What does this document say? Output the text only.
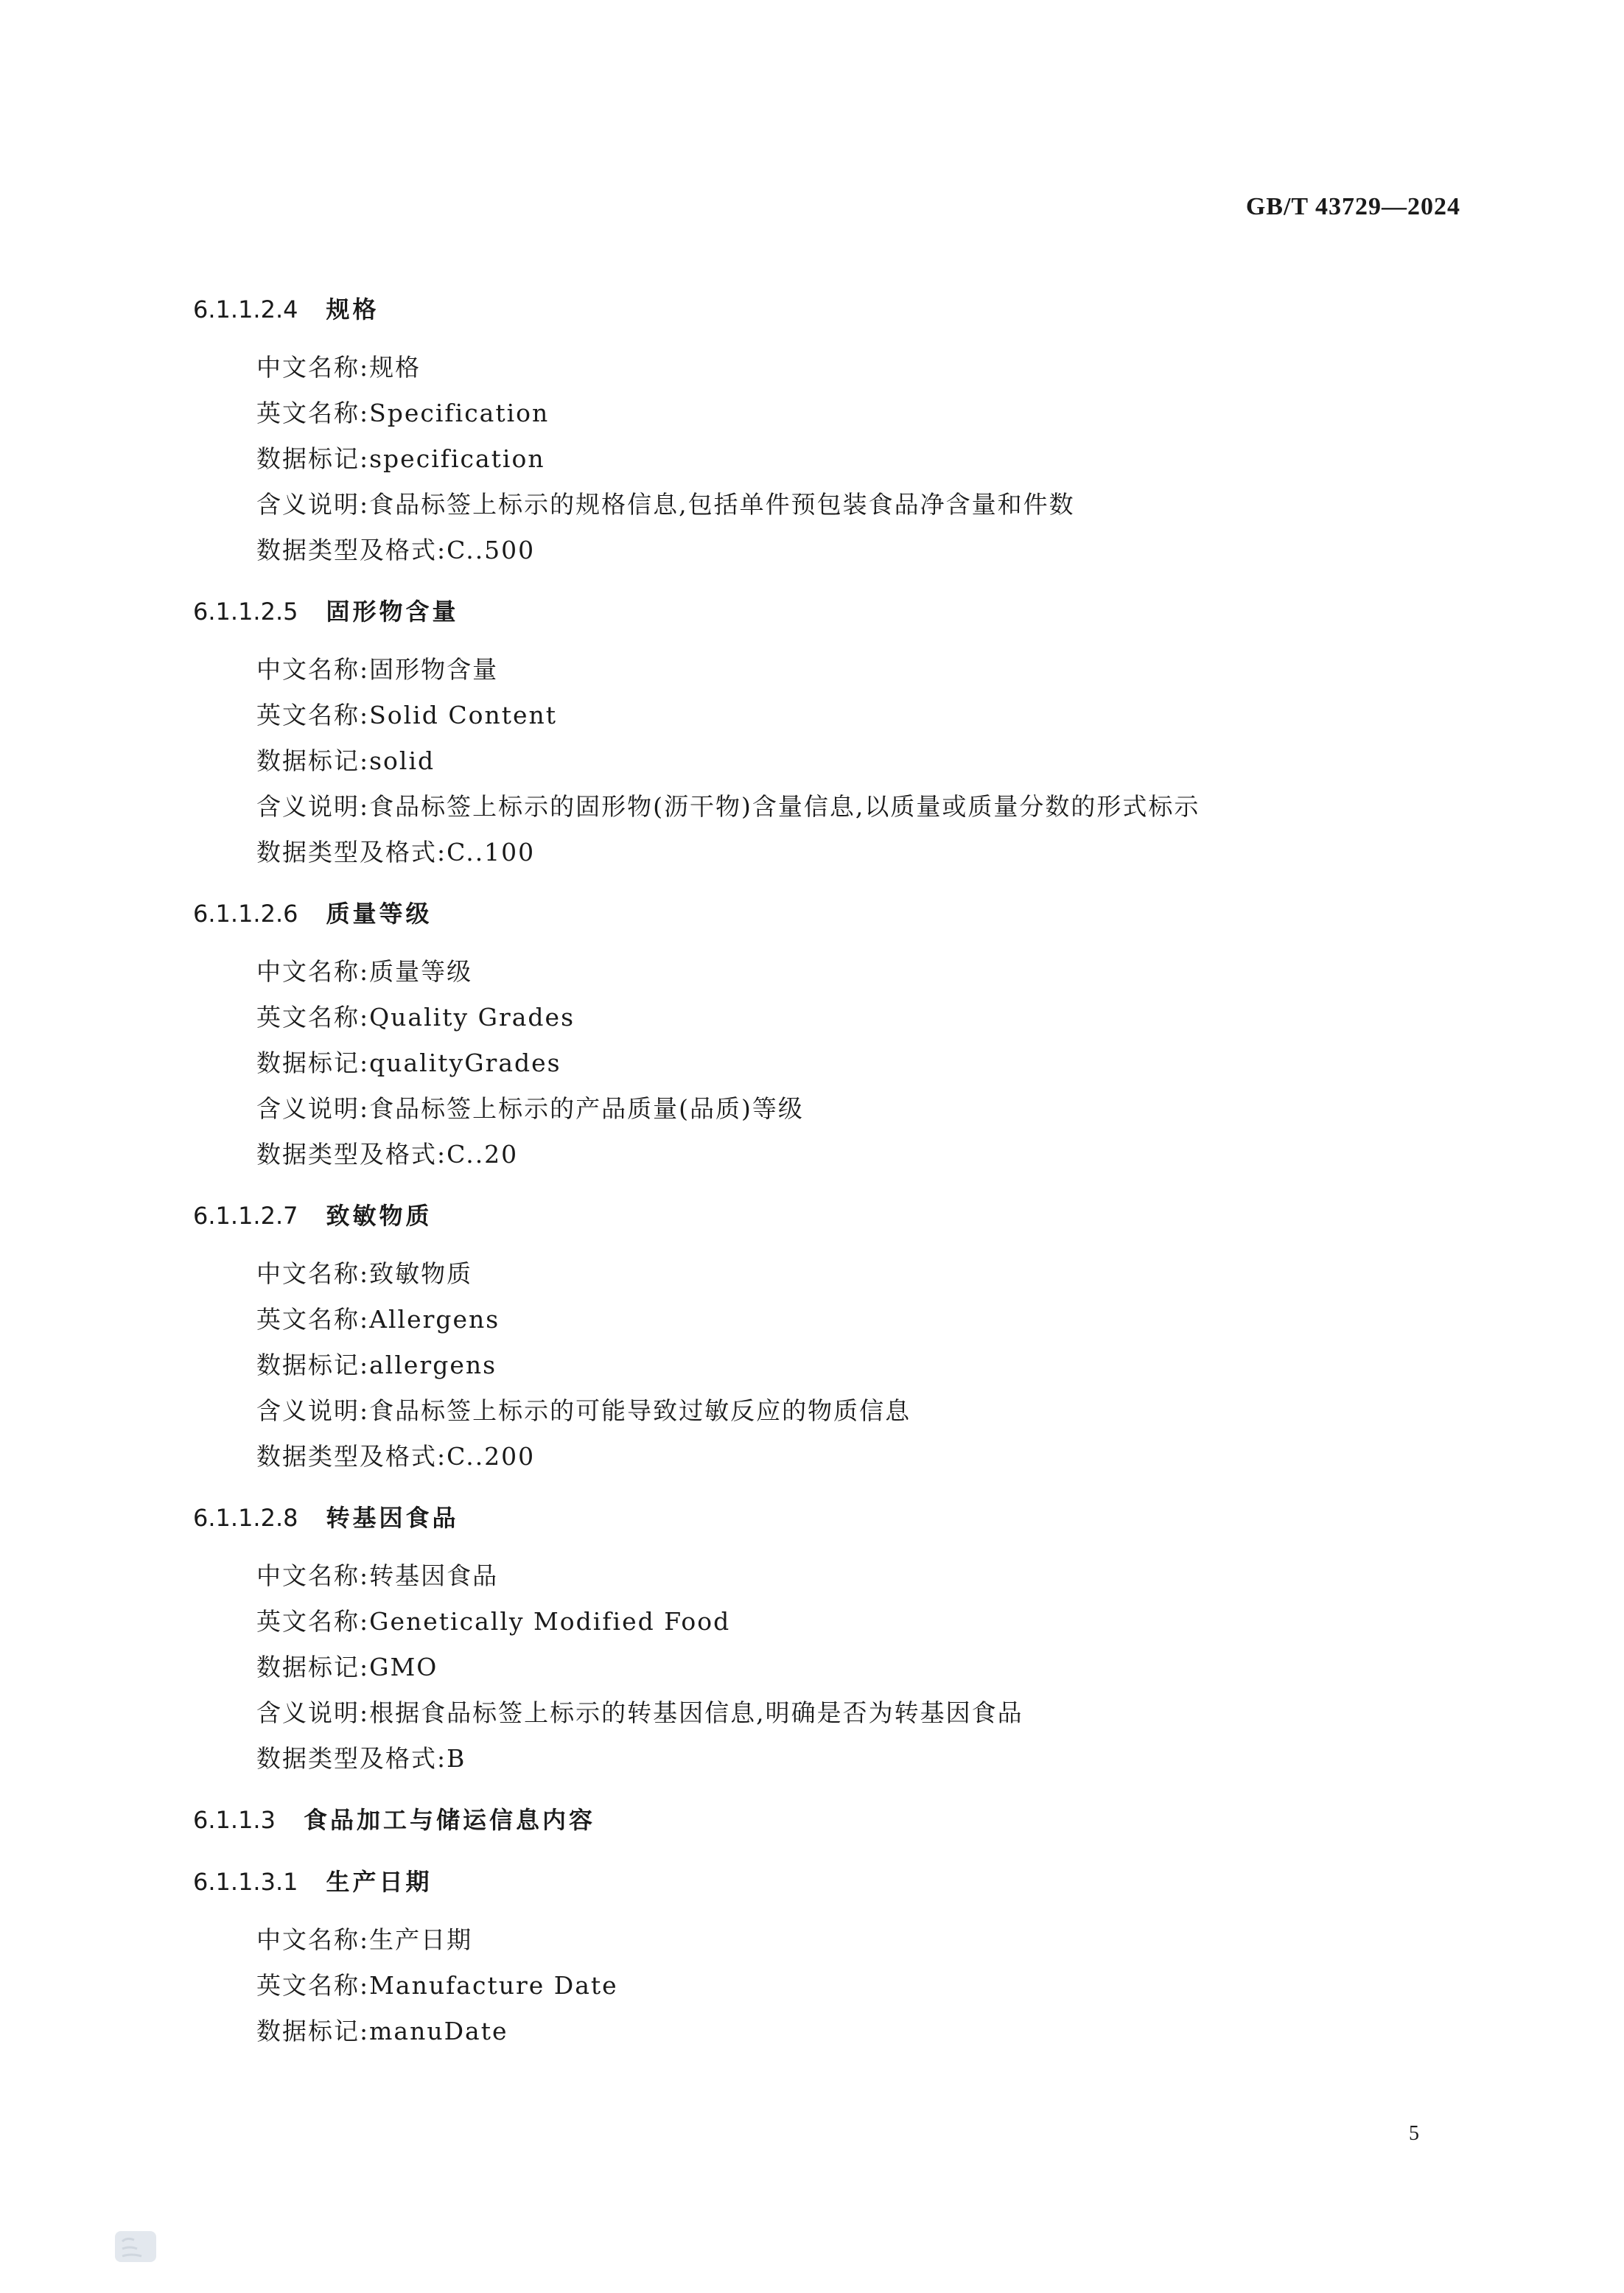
GB/T 43729—2024
6.1.1.2.4 规格
中文名称:规格
英文名称:Specification
数据标记:specification
含义说明:食品标签上标示的规格信息,包括单件预包装食品净含量和件数
数据类型及格式:C..500
6.1.1.2.5 固形物含量
中文名称:固形物含量
英文名称:Solid Content
数据标记:solid
含义说明:食品标签上标示的固形物(沥干物)含量信息,以质量或质量分数的形式标示
数据类型及格式:C..100
6.1.1.2.6 质量等级
中文名称:质量等级
英文名称:Quality Grades
数据标记:qualityGrades
含义说明:食品标签上标示的产品质量(品质)等级
数据类型及格式:C..20
6.1.1.2.7 致敏物质
中文名称:致敏物质
英文名称:Allergens
数据标记:allergens
含义说明:食品标签上标示的可能导致过敏反应的物质信息
数据类型及格式:C..200
6.1.1.2.8 转基因食品
中文名称:转基因食品
英文名称:Genetically Modified Food
数据标记:GMO
含义说明:根据食品标签上标示的转基因信息,明确是否为转基因食品
数据类型及格式:B
6.1.1.3 食品加工与储运信息内容
6.1.1.3.1 生产日期
中文名称:生产日期
英文名称:Manufacture Date
数据标记:manuDate
5
